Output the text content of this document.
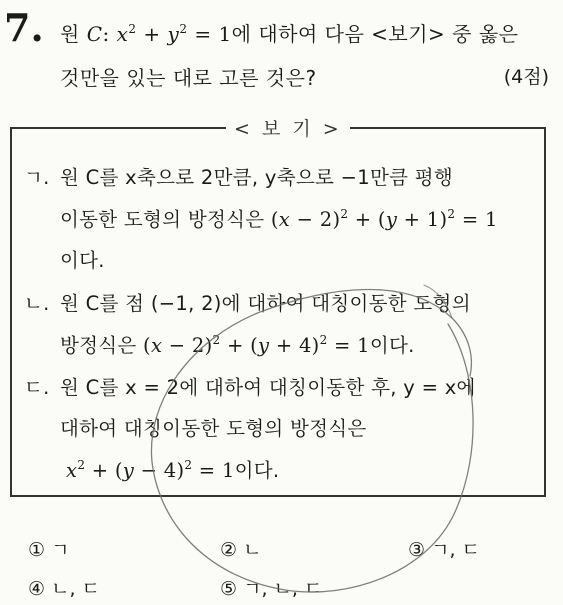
7. 원 C: $x^2 + y^2 = 1$에 대하여 다음 <보기> 중 옳은
것만을 있는 대로 고른 것은?	(4점)
< 보 기 >
ㄱ. 원 C를 x축으로 2만큼, y축으로 −1만큼 평행
이동한 도형의 방정식은 $(x - 2)^2 + (y + 1)^2 = 1$
이다.
ㄴ. 원 C를 점 (−1, 2)에 대하여 대칭이동한 도형의
방정식은 $(x - 2)^2 + (y + 4)^2 = 1$이다.
ㄷ. 원 C를 x = 2에 대하여 대칭이동한 후, y = x에
대하여 대칭이동한 도형의 방정식은
$x^2 + (y - 4)^2 = 1$이다.
① ㄱ	② ㄴ	③ ㄱ, ㄷ
④ ㄴ, ㄷ	⑤ ㄱ, ㄴ, ㄷ
